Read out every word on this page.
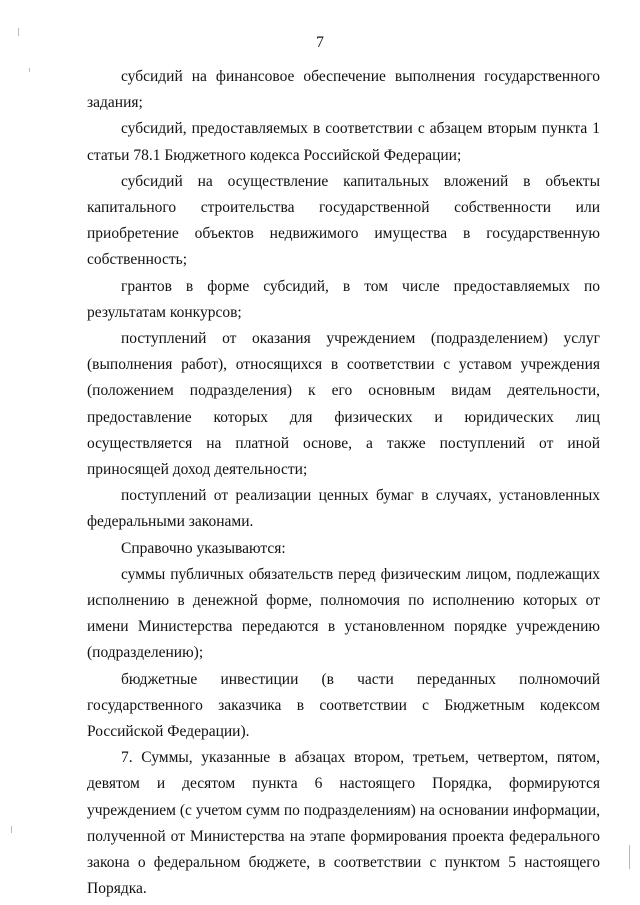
7

субсидий на финансовое обеспечение выполнения государственного задания;

субсидий, предоставляемых в соответствии с абзацем вторым пункта 1 статьи 78.1 Бюджетного кодекса Российской Федерации;

субсидий на осуществление капитальных вложений в объекты капитального строительства государственной собственности или приобретение объектов недвижимого имущества в государственную собственность;

грантов в форме субсидий, в том числе предоставляемых по результатам конкурсов;

поступлений от оказания учреждением (подразделением) услуг (выполнения работ), относящихся в соответствии с уставом учреждения (положением подразделения) к его основным видам деятельности, предоставление которых для физических и юридических лиц осуществляется на платной основе, а также поступлений от иной приносящей доход деятельности;

поступлений от реализации ценных бумаг в случаях, установленных федеральными законами.

Справочно указываются:

суммы публичных обязательств перед физическим лицом, подлежащих исполнению в денежной форме, полномочия по исполнению которых от имени Министерства передаются в установленном порядке учреждению (подразделению);

бюджетные инвестиции (в части переданных полномочий государственного заказчика в соответствии с Бюджетным кодексом Российской Федерации).

7. Суммы, указанные в абзацах втором, третьем, четвертом, пятом, девятом и десятом пункта 6 настоящего Порядка, формируются учреждением (с учетом сумм по подразделениям) на основании информации, полученной от Министерства на этапе формирования проекта федерального закона о федеральном бюджете, в соответствии с пунктом 5 настоящего Порядка.
